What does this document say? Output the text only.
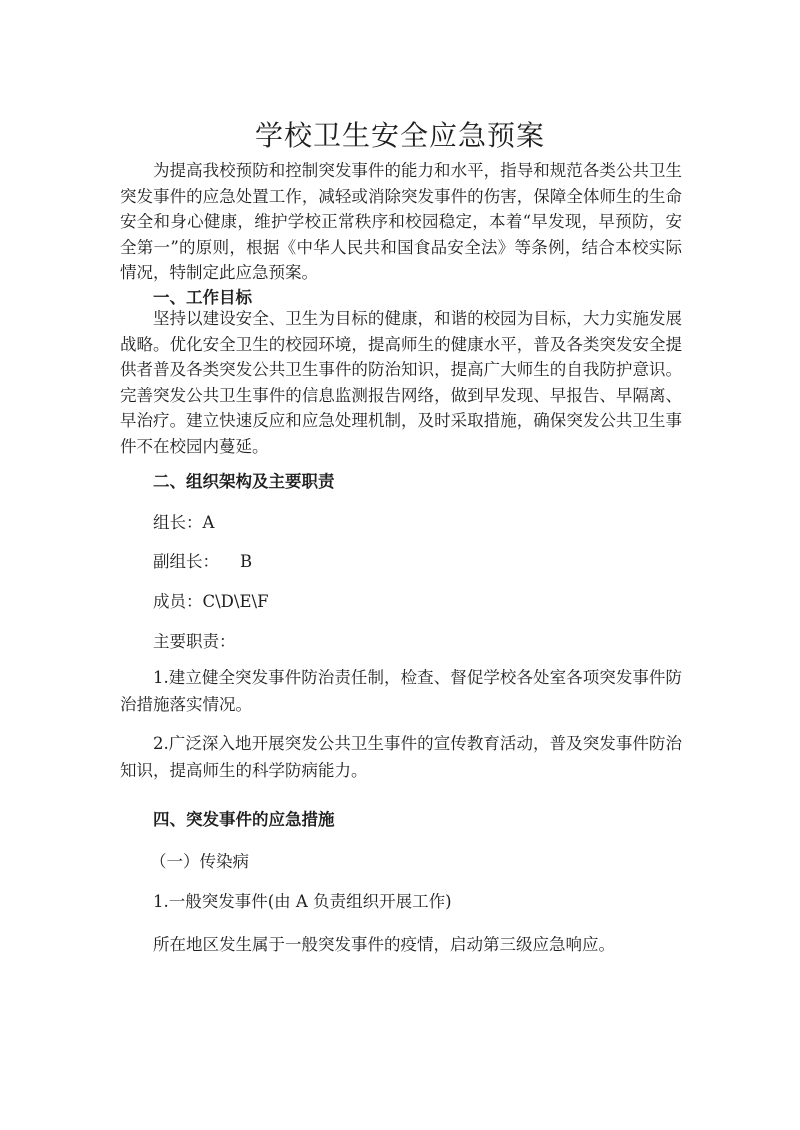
学校卫生安全应急预案

为提高我校预防和控制突发事件的能力和水平，指导和规范各类公共卫生突发事件的应急处置工作，减轻或消除突发事件的伤害，保障全体师生的生命安全和身心健康，维护学校正常秩序和校园稳定，本着“早发现，早预防，安全第一”的原则，根据《中华人民共和国食品安全法》等条例，结合本校实际情况，特制定此应急预案。

一、工作目标

坚持以建设安全、卫生为目标的健康，和谐的校园为目标，大力实施发展战略。优化安全卫生的校园环境，提高师生的健康水平，普及各类突发安全提供者普及各类突发公共卫生事件的防治知识，提高广大师生的自我防护意识。完善突发公共卫生事件的信息监测报告网络，做到早发现、早报告、早隔离、早治疗。建立快速反应和应急处理机制，及时采取措施，确保突发公共卫生事件不在校园内蔓延。

二、组织架构及主要职责

组长：A

副组长：    B

成员：C\D\E\F

主要职责：

1.建立健全突发事件防治责任制，检查、督促学校各处室各项突发事件防治措施落实情况。

2.广泛深入地开展突发公共卫生事件的宣传教育活动，普及突发事件防治知识，提高师生的科学防病能力。

四、突发事件的应急措施

（一）传染病

1.一般突发事件(由 A 负责组织开展工作)

所在地区发生属于一般突发事件的疫情，启动第三级应急响应。
